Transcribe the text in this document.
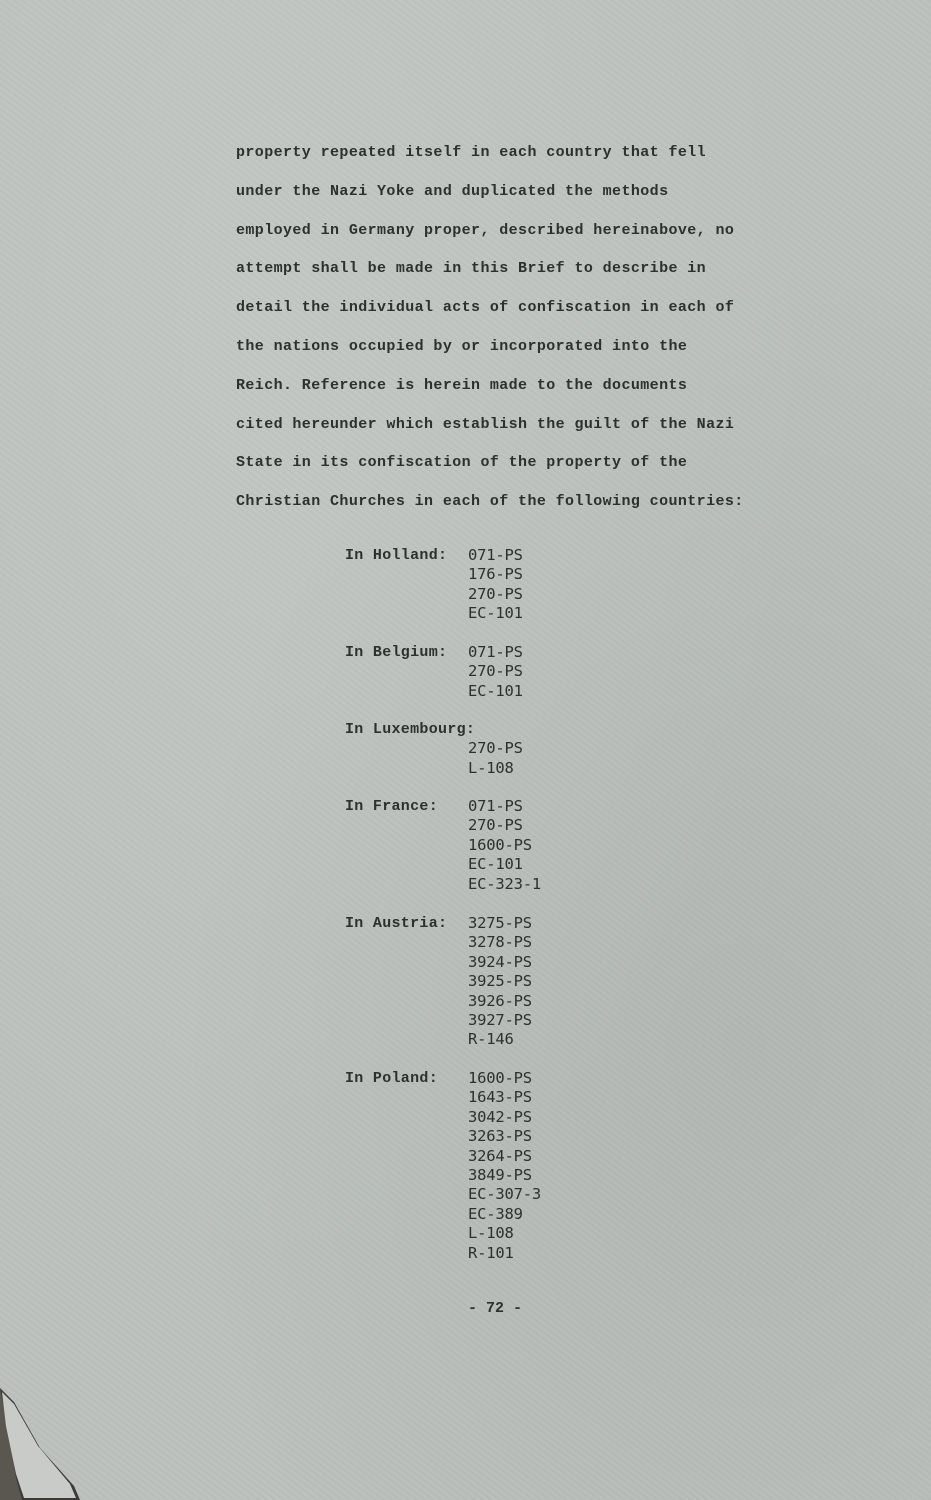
property repeated itself in each country that fell
under the Nazi Yoke and duplicated the methods
employed in Germany proper, described hereinabove, no
attempt shall be made in this Brief to describe in
detail the individual acts of confiscation in each of
the nations occupied by or incorporated into the
Reich. Reference is herein made to the documents
cited hereunder which establish the guilt of the Nazi
State in its confiscation of the property of the
Christian Churches in each of the following countries:
In Holland: 071-PS
176-PS
270-PS
EC-101
In Belgium: 071-PS
270-PS
EC-101
In Luxembourg:
270-PS
L-108
In France: 071-PS
270-PS
1600-PS
EC-101
EC-323-1
In Austria: 3275-PS
3278-PS
3924-PS
3925-PS
3926-PS
3927-PS
R-146
In Poland: 1600-PS
1643-PS
3042-PS
3263-PS
3264-PS
3849-PS
EC-307-3
EC-389
L-108
R-101
- 72 -
